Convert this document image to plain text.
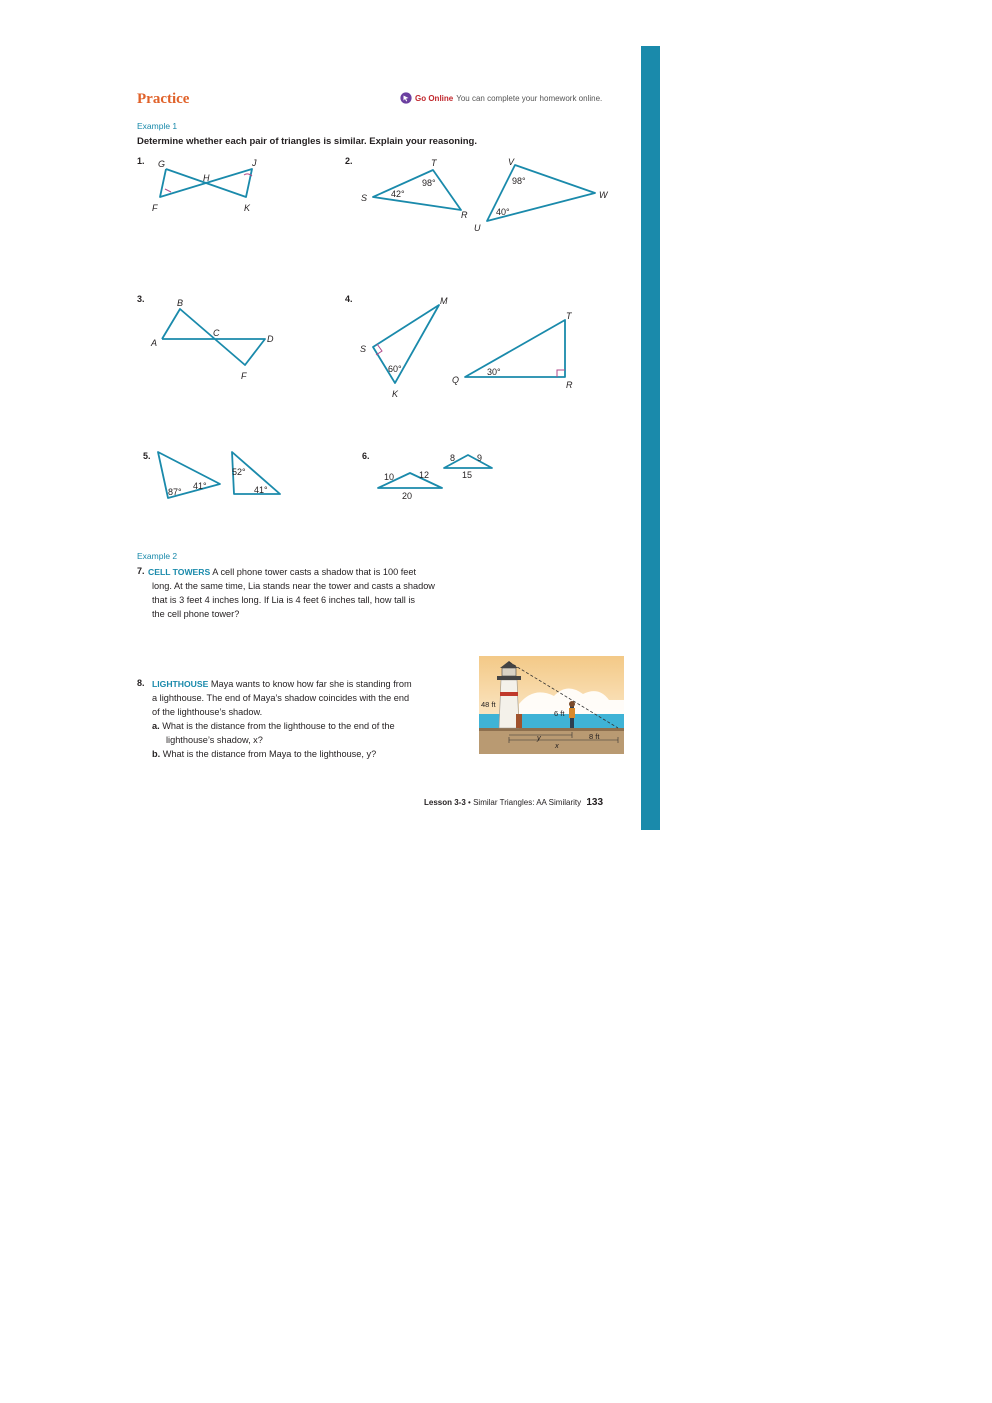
Practice	Go Online You can complete your homework online.
Example 1
Determine whether each pair of triangles is similar. Explain your reasoning.
1. G	J
H
F	K
2.	T
98°
S	42°
R
V
98°
W
40°
U
3.	B
A
C
D
F
4.	M
S
60°
K
T
Q
30°
R
5.
87°
41°
52°
41°
6.
10	12
20
8 9
15
Example 2
7. CELL TOWERS A cell phone tower casts a shadow that is 100 feet
long. At the same time, Lia stands near the tower and casts a shadow
that is 3 feet 4 inches long. If Lia is 4 feet 6 inches tall, how tall is
the cell phone tower?
8. LIGHTHOUSE Maya wants to know how far she is standing from
a lighthouse. The end of Maya’s shadow coincides with the end
of the lighthouse’s shadow.
a. What is the distance from the lighthouse to the end of the
lighthouse’s shadow, x?
b. What is the distance from Maya to the lighthouse, y?
48 ft
6 ft
8 ft
y
x
Lesson 3-3 • Similar Triangles: AA Similarity 133
